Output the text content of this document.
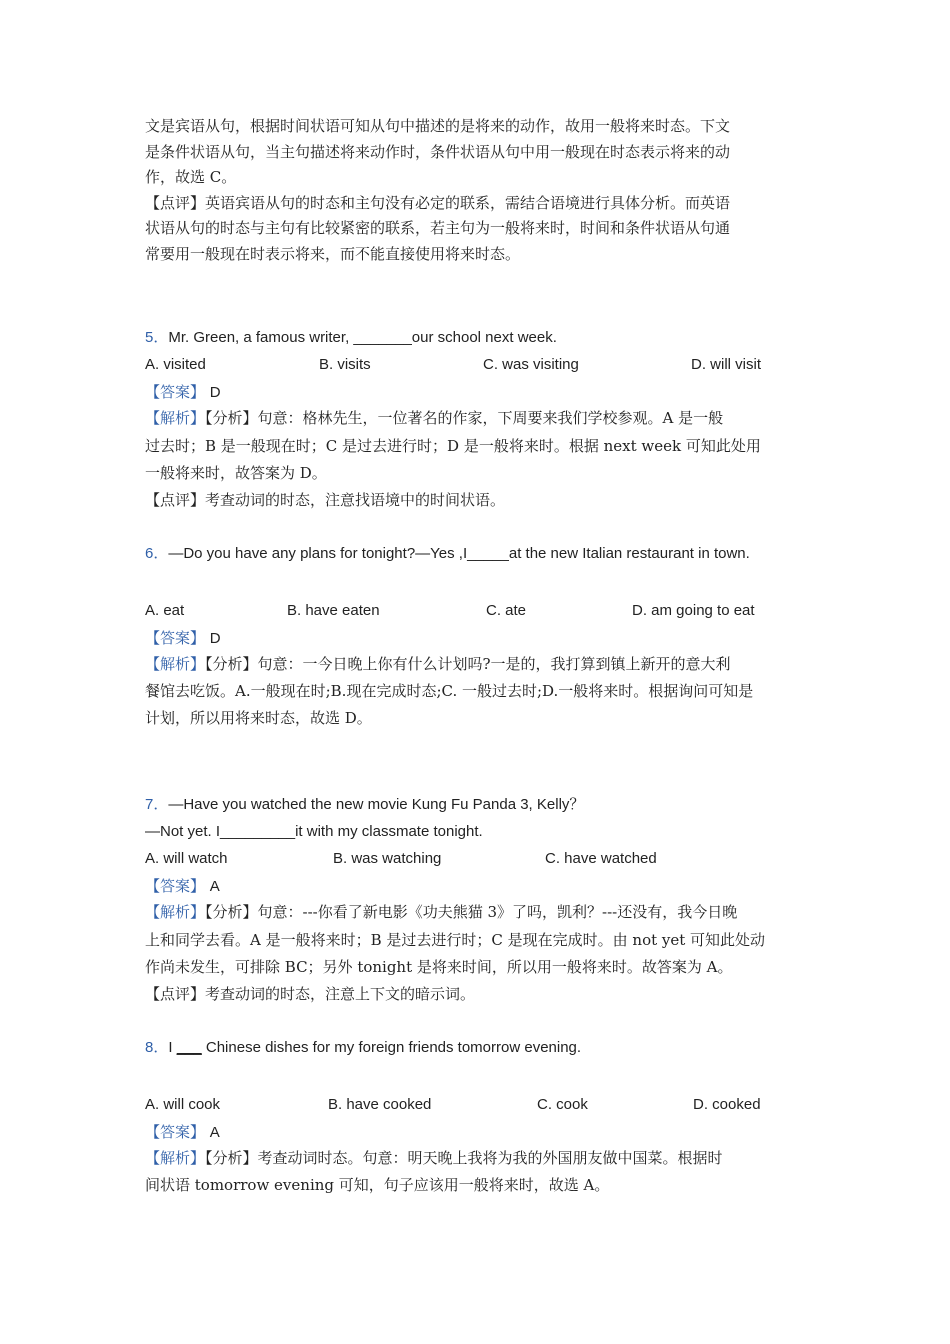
文是宾语从句，根据时间状语可知从句中描述的是将来的动作，故用一般将来时态。下文
是条件状语从句，当主句描述将来动作时，条件状语从句中用一般现在时态表示将来的动
作，故选 C。
【点评】英语宾语从句的时态和主句没有必定的联系，需结合语境进行具体分析。而英语
状语从句的时态与主句有比较紧密的联系，若主句为一般将来时，时间和条件状语从句通
常要用一般现在时表示将来，而不能直接使用将来时态。
5．Mr. Green, a famous writer, _______our school next week.
A. visited	B. visits	C. was visiting	D. will visit
【答案】 D
【解析】【分析】句意：格林先生，一位著名的作家，下周要来我们学校参观。A 是一般
过去时；B 是一般现在时；C 是过去进行时；D 是一般将来时。根据 next week 可知此处用
一般将来时，故答案为 D。
【点评】考查动词的时态，注意找语境中的时间状语。
6．—Do you have any plans for tonight?—Yes ,I_____at the new Italian restaurant in town.
A. eat	B. have eaten	C. ate	D. am going to eat
【答案】 D
【解析】【分析】句意：一今日晚上你有什么计划吗?一是的，我打算到镇上新开的意大利
餐馆去吃饭。A.一般现在时;B.现在完成时态;C. 一般过去时;D.一般将来时。根据询问可知是
计划，所以用将来时态，故选 D。
7．—Have you watched the new movie Kung Fu Panda 3, Kelly？
—Not yet. I_________it with my classmate tonight.
A. will watch	B. was watching	C. have watched
【答案】 A
【解析】【分析】句意：---你看了新电影《功夫熊猫 3》了吗，凯利？---还没有，我今日晚
上和同学去看。A 是一般将来时；B 是过去进行时；C 是现在完成时。由 not yet 可知此处动
作尚未发生，可排除 BC；另外 tonight 是将来时间，所以用一般将来时。故答案为 A。
【点评】考查动词的时态，注意上下文的暗示词。
8．I ___ Chinese dishes for my foreign friends tomorrow evening.
A. will cook	B. have cooked	C. cook	D. cooked
【答案】 A
【解析】【分析】考查动词时态。句意：明天晚上我将为我的外国朋友做中国菜。根据时
间状语 tomorrow evening 可知，句子应该用一般将来时，故选 A。
